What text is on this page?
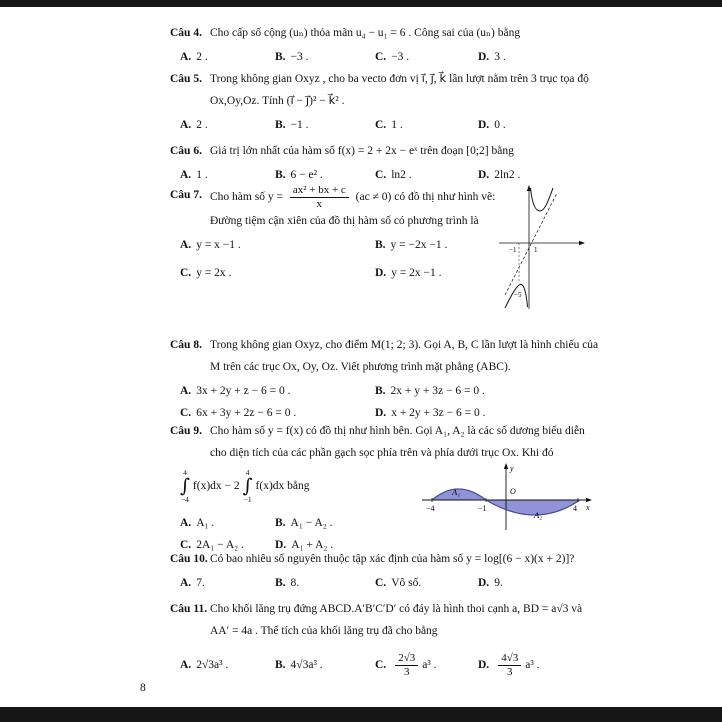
Câu 4. Cho cấp số cộng (uₙ) thỏa mãn u₄ − u₁ = 6 . Công sai của (uₙ) bằng
A. 2 .	B. −3 .	C. −3 .	D. 3 .
Câu 5. Trong không gian Oxyz , cho ba vecto đơn vị i⃗, j⃗, k⃗ lần lượt nằm trên 3 trục tọa độ Ox,Oy,Oz. Tính (i⃗ − j⃗)² − k⃗² .
A. 2 .	B. −1 .	C. 1 .	D. 0 .
Câu 6. Giá trị lớn nhất của hàm số f(x) = 2 + 2x − eˣ trên đoạn [0;2] bằng
A. 1 .	B. 6 − e² .	C. ln2 .	D. 2ln2 .
Câu 7. Cho hàm số $y = \frac{\text{ax² + bx + c}}{x} (ac \ne 0)$ có đồ thị như hình vẽ:
Đường tiệm cận xiên của đồ thị hàm số có phương trình là
A. y = x −1 .	B. y = −2x −1 .
C. y = 2x .	D. y = 2x −1 .
−1	1
−5
Câu 8. Trong không gian Oxyz, cho điểm M(1; 2; 3). Gọi A, B, C lần lượt là hình chiếu của M trên các trục Ox, Oy, Oz. Viết phương trình mặt phẳng (ABC).
A. 3x + 2y + z − 6 = 0 .	B. 2x + y + 3z − 6 = 0 .
C. 6x + 3y + 2z − 6 = 0 .	D. x + 2y + 3z − 6 = 0 .
Câu 9. Cho hàm số y = f(x) có đồ thị như hình bên. Gọi A₁, A₂ là các số dương biểu diễn cho diện tích của các phần gạch sọc phía trên và phía dưới trục Ox. Khi đó
4
∫
−4
f(x)dx − 2
4
∫
−1
f(x)dx bằng
A. A₁ .	B. A₁ − A₂ .
C. 2A₁ − A₂ .	D. A₁ + A₂ .
−4	−1	4
O
y
x
A₁
A₂
Câu 10. Có bao nhiêu số nguyên thuộc tập xác định của hàm số y = log[(6 − x)(x + 2)]?
A. 7.	B. 8.	C. Vô số.	D. 9.
Câu 11. Cho khối lăng trụ đứng ABCD.A′B′C′D′ có đáy là hình thoi cạnh a, BD = a√3 và AA′ = 4a . Thể tích của khối lăng trụ đã cho bằng
A. 2√3a³ .	B. 4√3a³ .	C. $\frac{2√3}{3} a^3$ .	D. $\frac{4√3}{3} a^3$ .
8
